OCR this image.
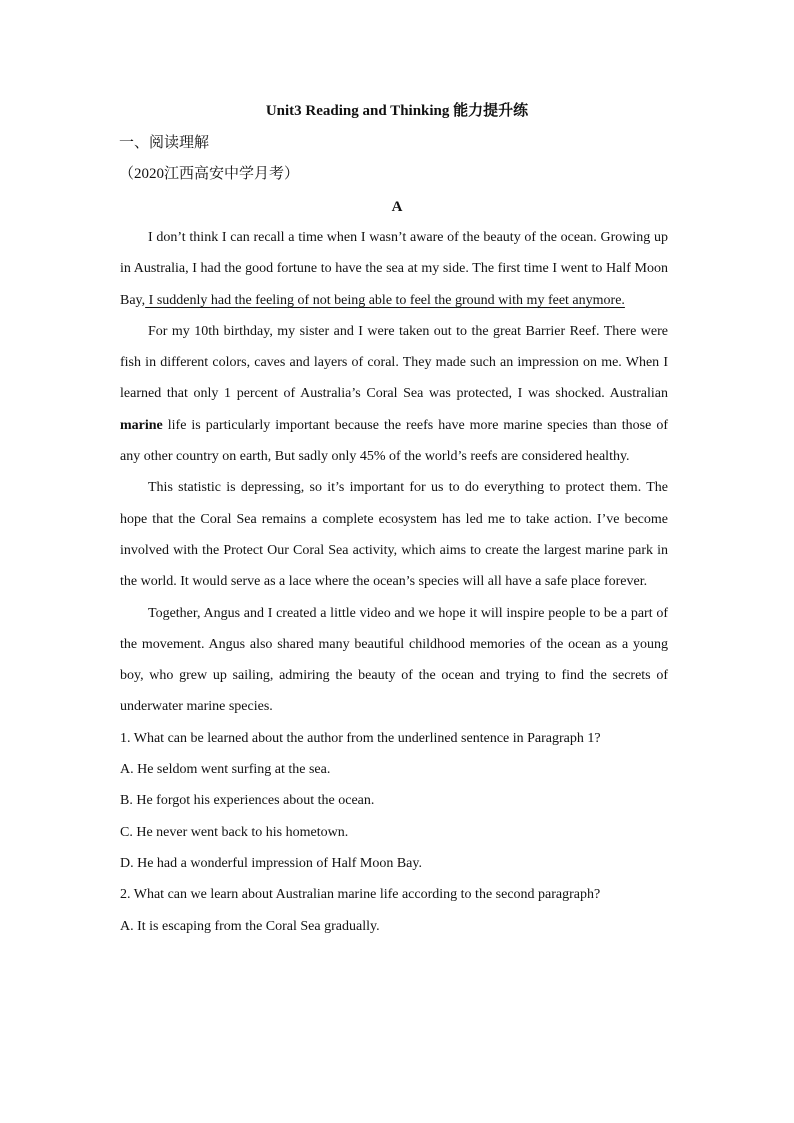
Unit3 Reading and Thinking 能力提升练
一、阅读理解
（2020江西高安中学月考）
A

I don’t think I can recall a time when I wasn’t aware of the beauty of the ocean. Growing up in Australia, I had the good fortune to have the sea at my side. The first time I went to Half Moon Bay, I suddenly had the feeling of not being able to feel the ground with my feet anymore.

For my 10th birthday, my sister and I were taken out to the great Barrier Reef. There were fish in different colors, caves and layers of coral. They made such an impression on me. When I learned that only 1 percent of Australia’s Coral Sea was protected, I was shocked. Australian marine life is particularly important because the reefs have more marine species than those of any other country on earth, But sadly only 45% of the world’s reefs are considered healthy.

This statistic is depressing, so it’s important for us to do everything to protect them. The hope that the Coral Sea remains a complete ecosystem has led me to take action. I’ve become involved with the Protect Our Coral Sea activity, which aims to create the largest marine park in the world. It would serve as a lace where the ocean’s species will all have a safe place forever.

Together, Angus and I created a little video and we hope it will inspire people to be a part of the movement. Angus also shared many beautiful childhood memories of the ocean as a young boy, who grew up sailing, admiring the beauty of the ocean and trying to find the secrets of underwater marine species.

1. What can be learned about the author from the underlined sentence in Paragraph 1?

A. He seldom went surfing at the sea.

B. He forgot his experiences about the ocean.

C. He never went back to his hometown.

D. He had a wonderful impression of Half Moon Bay.

2. What can we learn about Australian marine life according to the second paragraph?

A. It is escaping from the Coral Sea gradually.
